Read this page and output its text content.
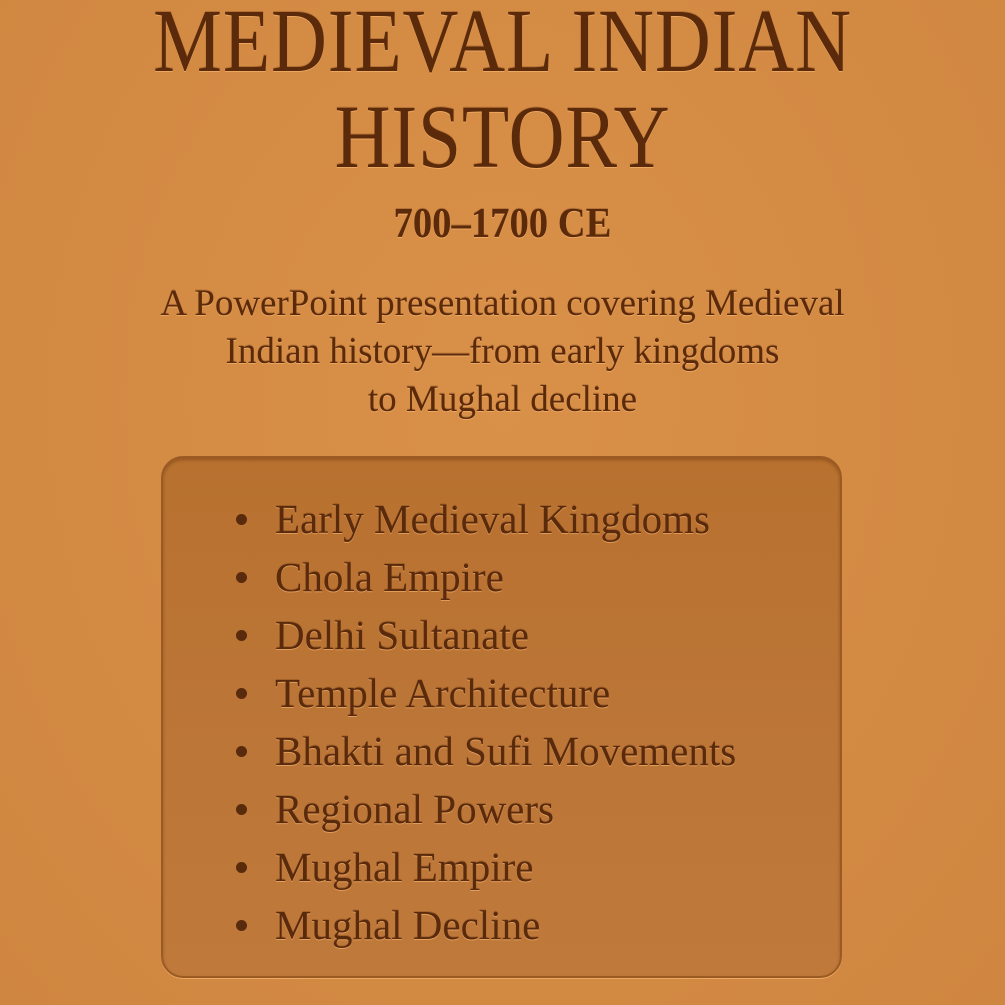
MEDIEVAL INDIAN
HISTORY
700–1700 CE
A PowerPoint presentation covering Medieval
Indian history—from early kingdoms
to Mughal decline
Early Medieval Kingdoms
Chola Empire
Delhi Sultanate
Temple Architecture
Bhakti and Sufi Movements
Regional Powers
Mughal Empire
Mughal Decline
